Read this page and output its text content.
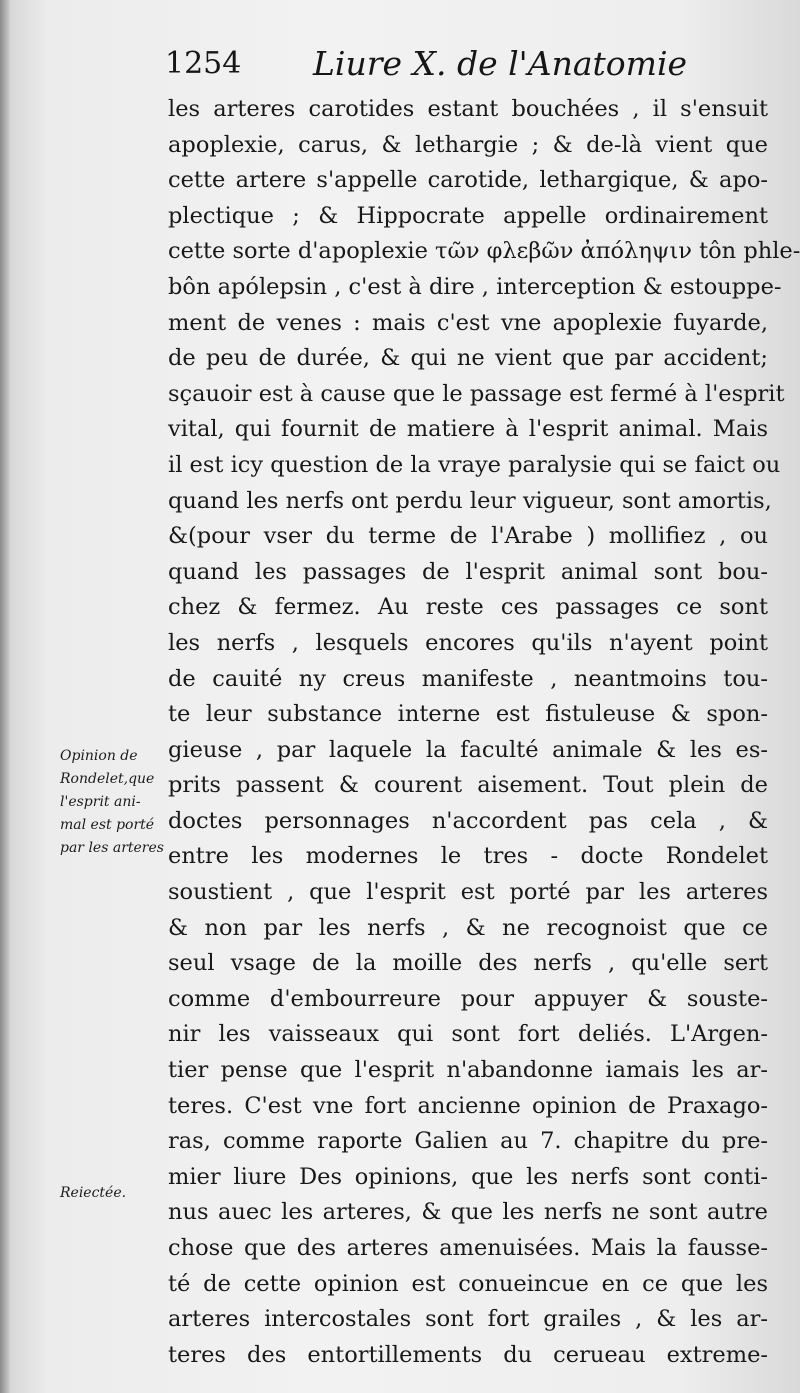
1254 Liure X. de l'Anatomie
les arteres carotides estant bouchées , il s'ensuit
apoplexie, carus, & lethargie ; & de-là vient que
cette artere s'appelle carotide, lethargique, & apo-
plectique ; & Hippocrate appelle ordinairement
cette sorte d'apoplexie τῶν φλεβῶν ἀπόληψιν tôn phle-
bôn apólepsin , c'est à dire , interception & estouppe-
ment de venes : mais c'est vne apoplexie fuyarde,
de peu de durée, & qui ne vient que par accident;
sçauoir est à cause que le passage est fermé à l'esprit
vital, qui fournit de matiere à l'esprit animal. Mais
il est icy question de la vraye paralysie qui se faict ou
quand les nerfs ont perdu leur vigueur, sont amortis,
&(pour vser du terme de l'Arabe ) mollifiez , ou
quand les passages de l'esprit animal sont bou-
chez & fermez. Au reste ces passages ce sont
les nerfs , lesquels encores qu'ils n'ayent point
de cauité ny creus manifeste , neantmoins tou-
te leur substance interne est fistuleuse & spon-
gieuse , par laquele la faculté animale & les es-
prits passent & courent aisement. Tout plein de
doctes personnages n'accordent pas cela , &
entre les modernes le tres - docte Rondelet
soustient , que l'esprit est porté par les arteres
& non par les nerfs , & ne recognoist que ce
seul vsage de la moille des nerfs , qu'elle sert
comme d'embourreure pour appuyer & souste-
nir les vaisseaux qui sont fort deliés. L'Argen-
tier pense que l'esprit n'abandonne iamais les ar-
teres. C'est vne fort ancienne opinion de Praxago-
ras, comme raporte Galien au 7. chapitre du pre-
mier liure Des opinions, que les nerfs sont conti-
nus auec les arteres, & que les nerfs ne sont autre
chose que des arteres amenuisées. Mais la fausse-
té de cette opinion est conueincue en ce que les
arteres intercostales sont fort grailes , & les ar-
teres des entortillements du cerueau extreme-
Opinion de
Rondelet,que
l'esprit ani-
mal est porté
par les arteres
Reiectée.
